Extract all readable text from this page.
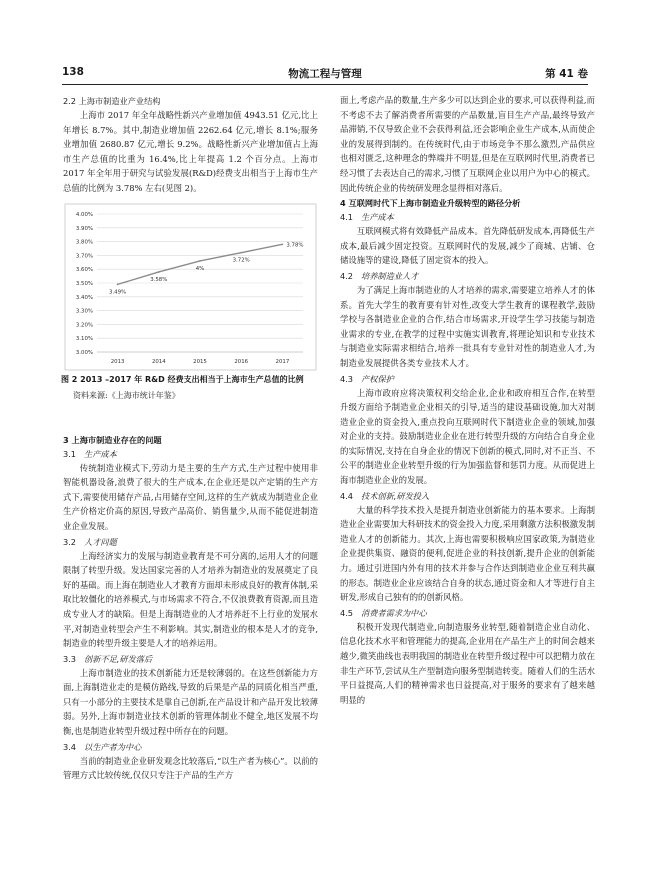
138	物流工程与管理	第 41 卷
2.2 上海市制造业产业结构

上海市 2017 年全年战略性新兴产业增加值 4943.51 亿元,比上年增长 8.7%。其中,制造业增加值 2262.64 亿元,增长 8.1%;服务业增加值 2680.87 亿元,增长 9.2%。战略性新兴产业增加值占上海市生产总值的比重为 16.4%,比上年提高 1.2 个百分点。上海市 2017 年全年用于研究与试验发展(R&D)经费支出相当于上海市生产总值的比例为 3.78% 左右(见图 2)。

3.00%
3.10%
3.20%
3.30%
3.40%
3.50%
3.60%
3.70%
3.80%
3.90%
4.00%
2013	2014	2015	2016	2017
3.49%
3.58%
4%
3.72%
3.78%
图 2 2013 –2017 年 R&D 经费支出相当于上海市生产总值的比例
资料来源:《上海市统计年鉴》
3 上海市制造业存在的问题
3.1 生产成本

传统制造业模式下,劳动力是主要的生产方式,生产过程中使用非智能机器设备,浪费了很大的生产成本,在企业还是以产定销的生产方式下,需要使用储存产品,占用储存空间,这样的生产就成为制造业企业生产价格定价高的原因,导致产品高价、销售量少,从而不能促进制造业企业发展。

3.2 人才问题

上海经济实力的发展与制造业教育是不可分离的,运用人才的问题限制了转型升级。发达国家完善的人才培养为制造业的发展奠定了良好的基础。而上海在制造业人才教育方面却未形成良好的教育体制,采取比较僵化的培养模式,与市场需求不符合,不仅浪费教育资源,而且造成专业人才的缺陷。但是上海制造业的人才培养赶不上行业的发展水平,对制造业转型会产生不利影响。其实,制造业的根本是人才的竞争,制造业的转型升级主要是人才的培养运用。

3.3 创新不足,研发落后

上海市制造业的技术创新能力还是较薄弱的。在这些创新能力方面,上海制造业走的是模仿路线,导致的后果是产品的同质化相当严重,只有一小部分的主要技术是靠自己创新,在产品设计和产品开发比较薄弱。另外,上海市制造业技术创新的管理体制业不健全,地区发展不均衡,也是制造业转型升级过程中所存在的问题。

3.4 以生产者为中心

当前的制造业企业研发观念比较落后,“以生产者为核心”。以前的管理方式比较传统,仅仅只专注于产品的生产方

面上,考虑产品的数量,生产多少可以达到企业的要求,可以获得利益,而不考虑不去了解消费者所需要的产品数量,盲目生产产品,最终导致产品滞销,不仅导致企业不会获得利益,还会影响企业生产成本,从而使企业的发展得到制约。在传统时代,由于市场竞争不那么激烈,产品供应也相对匮乏,这种理念的弊端并不明显,但是在互联网时代里,消费者已经习惯了去表达自己的需求,习惯了互联网企业以用户为中心的模式。因此传统企业的传统研发理念显得相对落后。

4 互联网时代下上海市制造业升级转型的路径分析
4.1 生产成本

互联网模式将有效降低产品成本。首先降低研发成本,再降低生产成本,最后减少固定投资。互联网时代的发展,减少了商城、店铺、仓储设施等的建设,降低了固定资本的投入。

4.2 培养制造业人才

为了满足上海市制造业的人才培养的需求,需要建立培养人才的体系。首先大学生的教育要有针对性,改变大学生教育的课程教学,鼓励学校与各制造业企业的合作,结合市场需求,开设学生学习技能与制造业需求的专业,在教学的过程中实施实训教育,将理论知识和专业技术与制造业实际需求相结合,培养一批具有专业针对性的制造业人才,为制造业发展提供各类专业技术人才。

4.3 产权保护

上海市政府应将决策权利交给企业,企业和政府相互合作,在转型升级方面给予制造业企业相关的引导,适当的建设基础设施,加大对制造业企业的资金投入,重点投向互联网时代下制造业企业的领域,加强对企业的支持。鼓励制造业企业在进行转型升级的方向结合自身企业的实际情况,支持在自身企业的情况下创新的模式,同时,对不正当、不公平的制造业企业转型升级的行为加强监督和惩罚力度。从而促进上海市制造业企业的发展。

4.4 技术创新,研发投入

大量的科学技术投入是提升制造业创新能力的基本要求。上海制造业企业需要加大科研技术的资金投入力度,采用剩激方法积极激发制造业人才的创新能力。其次,上海也需要积极响应国家政策,为制造业企业提供集资、融资的便利,促进企业的科技创新,提升企业的创新能力。通过引进国内外有用的技术并参与合作达到制造业企业互利共赢的形态。制造业企业应该结合自身的状态,通过资金和人才等进行自主研发,形成自己独有的的创新风格。

4.5 消费者需求为中心

积极开发现代制造业,向制造服务业转型,随着制造企业自动化、信息化技术水平和管理能力的提高,企业用在产品生产上的时间会越来越少,微笑曲线也表明我国的制造业在转型升级过程中可以把精力放在非生产环节,尝试从生产型制造向服务型制造转变。随着人们的生活水平日益提高,人们的精神需求也日益提高,对于服务的要求有了越来越明显的
